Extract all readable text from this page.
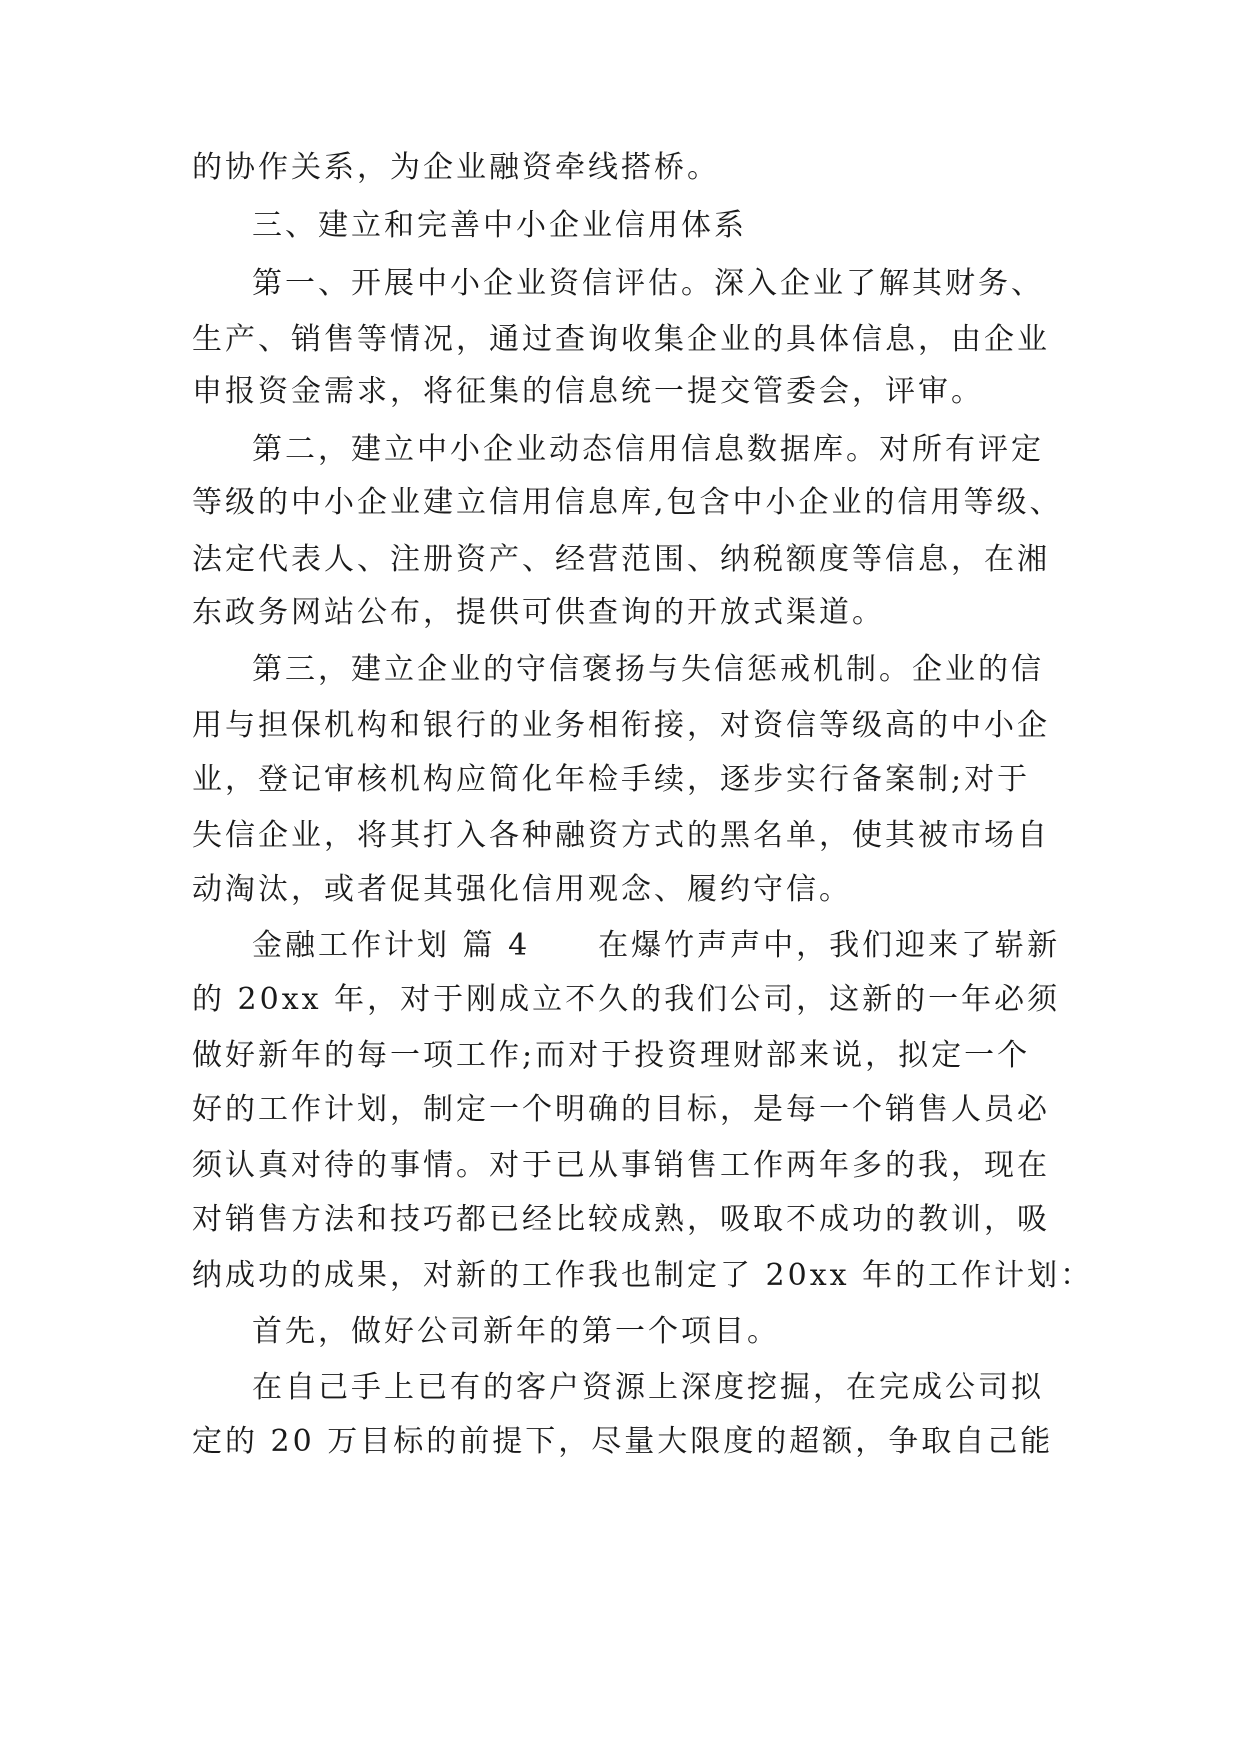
的协作关系，为企业融资牵线搭桥。
三、建立和完善中小企业信用体系
第一、开展中小企业资信评估。深入企业了解其财务、
生产、销售等情况，通过查询收集企业的具体信息，由企业
申报资金需求，将征集的信息统一提交管委会，评审。
第二，建立中小企业动态信用信息数据库。对所有评定
等级的中小企业建立信用信息库,包含中小企业的信用等级、
法定代表人、注册资产、经营范围、纳税额度等信息，在湘
东政务网站公布，提供可供查询的开放式渠道。
第三，建立企业的守信褒扬与失信惩戒机制。企业的信
用与担保机构和银行的业务相衔接，对资信等级高的中小企
业，登记审核机构应简化年检手续，逐步实行备案制;对于
失信企业，将其打入各种融资方式的黑名单，使其被市场自
动淘汰，或者促其强化信用观念、履约守信。
金融工作计划 篇 4 在爆竹声声中，我们迎来了崭新
的 20xx 年，对于刚成立不久的我们公司，这新的一年必须
做好新年的每一项工作;而对于投资理财部来说，拟定一个
好的工作计划，制定一个明确的目标，是每一个销售人员必
须认真对待的事情。对于已从事销售工作两年多的我，现在
对销售方法和技巧都已经比较成熟，吸取不成功的教训，吸
纳成功的成果，对新的工作我也制定了 20xx 年的工作计划：
首先，做好公司新年的第一个项目。
在自己手上已有的客户资源上深度挖掘，在完成公司拟
定的 20 万目标的前提下，尽量大限度的超额，争取自己能
